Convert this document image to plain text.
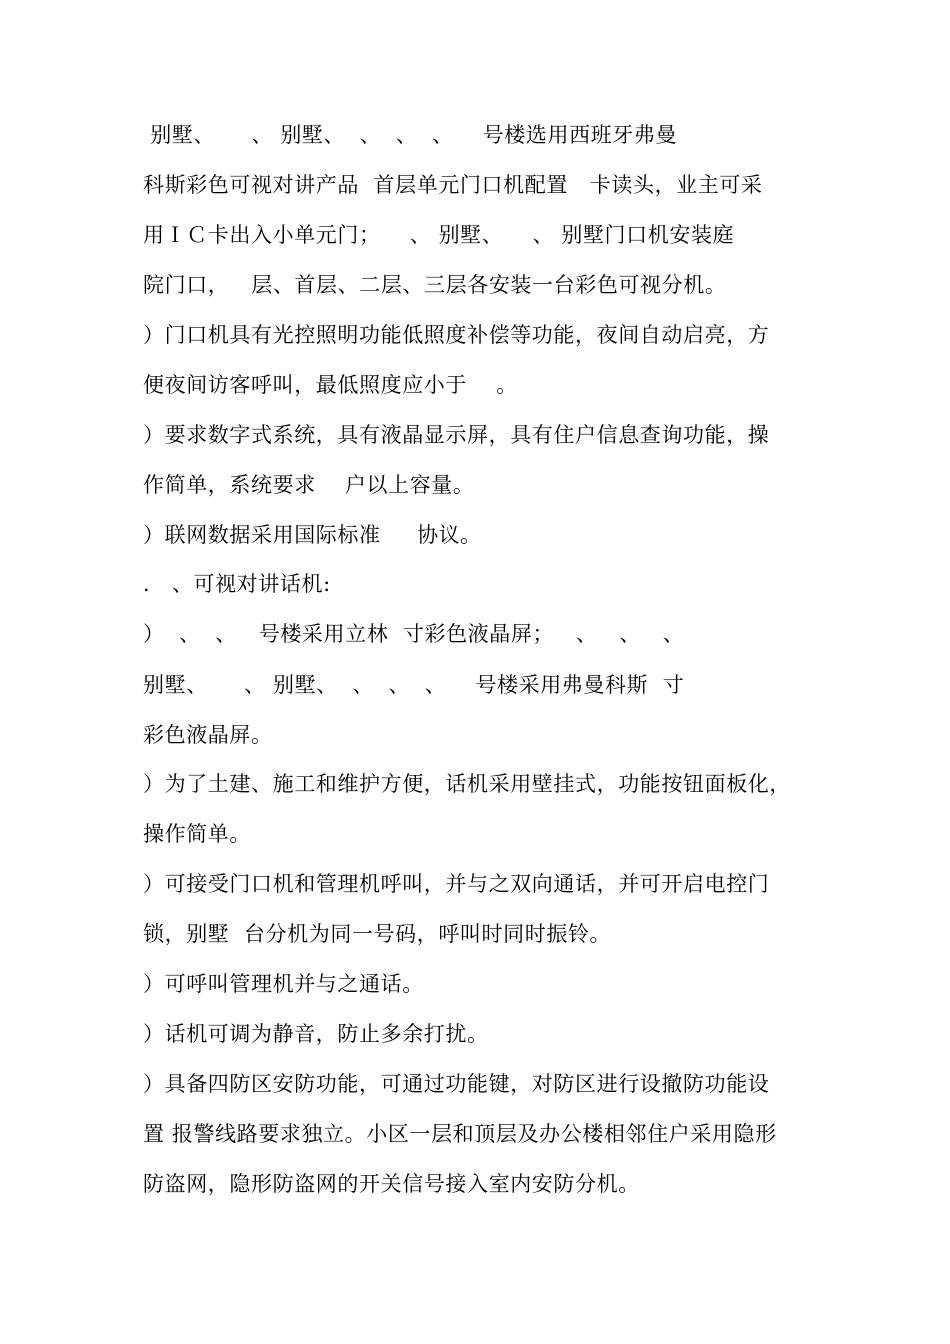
别墅、     、 别墅、  、  、  、    号楼选用西班牙弗曼
科斯彩色可视对讲产品  首层单元门口机配置   卡读头，业主可采
用ＩＣ卡出入小单元门；    、 别墅、    、 别墅门口机安装庭
院门口，   层、首层、二层、三层各安装一台彩色可视分机。
）门口机具有光控照明功能低照度补偿等功能，夜间自动启亮，方
便夜间访客呼叫，最低照度应小于    。
）要求数字式系统，具有液晶显示屏，具有住户信息查询功能，操
作简单，系统要求    户以上容量。
）联网数据采用国际标准     协议。
． 、可视对讲话机:
）  、  、   号楼采用立林  寸彩色液晶屏；   、   、   、
别墅、     、 别墅、  、  、  、    号楼采用弗曼科斯  寸
彩色液晶屏。
）为了土建、施工和维护方便，话机采用壁挂式，功能按钮面板化，
操作简单。
）可接受门口机和管理机呼叫，并与之双向通话，并可开启电控门
锁，别墅  台分机为同一号码，呼叫时同时振铃。
）可呼叫管理机并与之通话。
）话机可调为静音，防止多余打扰。
）具备四防区安防功能，可通过功能键，对防区进行设撤防功能设
置 报警线路要求独立。小区一层和顶层及办公楼相邻住户采用隐形
防盗网，隐形防盗网的开关信号接入室内安防分机。
